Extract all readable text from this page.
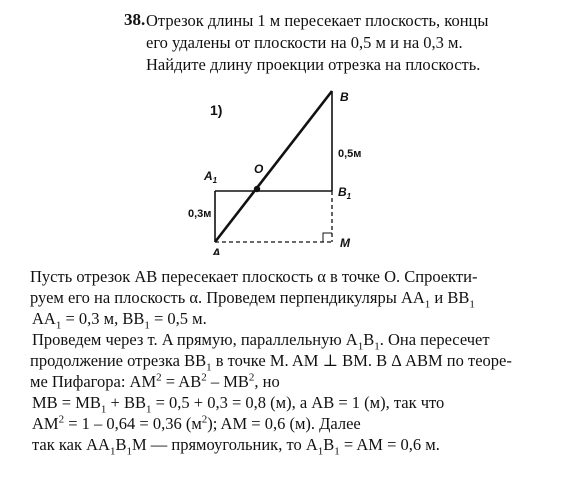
38. Отрезок длины 1 м пересекает плоскость, концы
его удалены от плоскости на 0,5 м и на 0,3 м.
Найдите длину проекции отрезка на плоскость.
1)
B
0,5м
$B_1$
$A_1$
0,3м
A
O
M
Пусть отрезок AB пересекает плоскость α в точке O. Спроекти-
руем его на плоскость α. Проведем перпендикуляры $AA_1$ и $BB_1$
$AA_1 = 0,3$ м, $BB_1 = 0,5$ м.
Проведем через т. A прямую, параллельную $A_1B_1$. Она пересечет
продолжение отрезка $BB_1$ в точке M. AM ⊥ BM. В Δ ABM по теоре-
ме Пифагора: $AM^2 = AB^2 - MB^2$, но
MB = $MB_1 + BB_1 = 0,5 + 0,3 = 0,8$ (м), а AB = 1 (м), так что
$AM^2 = 1 - 0,64 = 0,36$ $(м^2)$; AM = 0,6 (м). Далее
так как $AA_1B_1M$ — прямоугольник, то $A_1B_1$ = AM = 0,6 м.
